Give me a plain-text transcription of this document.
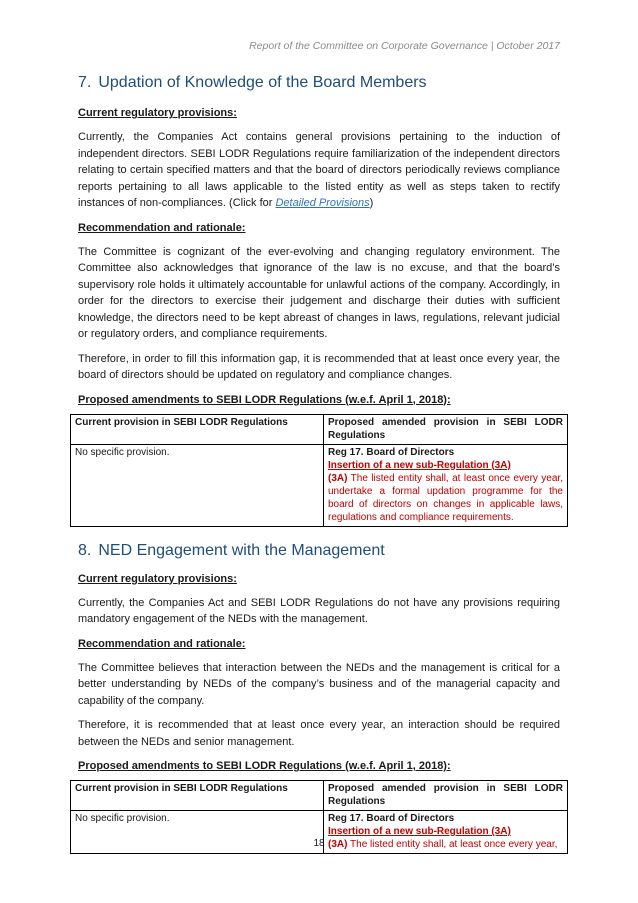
Report of the Committee on Corporate Governance | October 2017
7. Updation of Knowledge of the Board Members
Current regulatory provisions:

Currently, the Companies Act contains general provisions pertaining to the induction of independent directors. SEBI LODR Regulations require familiarization of the independent directors relating to certain specified matters and that the board of directors periodically reviews compliance reports pertaining to all laws applicable to the listed entity as well as steps taken to rectify instances of non-compliances. (Click for Detailed Provisions)

Recommendation and rationale:

The Committee is cognizant of the ever-evolving and changing regulatory environment. The Committee also acknowledges that ignorance of the law is no excuse, and that the board’s supervisory role holds it ultimately accountable for unlawful actions of the company. Accordingly, in order for the directors to exercise their judgement and discharge their duties with sufficient knowledge, the directors need to be kept abreast of changes in laws, regulations, relevant judicial or regulatory orders, and compliance requirements.

Therefore, in order to fill this information gap, it is recommended that at least once every year, the board of directors should be updated on regulatory and compliance changes.

Proposed amendments to SEBI LODR Regulations (w.e.f. April 1, 2018):
Current provision in SEBI LODR Regulations	Proposed amended provision in SEBI LODR Regulations
No specific provision.	Reg 17. Board of Directors
Insertion of a new sub-Regulation (3A)
(3A) The listed entity shall, at least once every year, undertake a formal updation programme for the board of directors on changes in applicable laws, regulations and compliance requirements.
8. NED Engagement with the Management
Current regulatory provisions:

Currently, the Companies Act and SEBI LODR Regulations do not have any provisions requiring mandatory engagement of the NEDs with the management.

Recommendation and rationale:

The Committee believes that interaction between the NEDs and the management is critical for a better understanding by NEDs of the company’s business and of the managerial capacity and capability of the company.

Therefore, it is recommended that at least once every year, an interaction should be required between the NEDs and senior management.

Proposed amendments to SEBI LODR Regulations (w.e.f. April 1, 2018):
Current provision in SEBI LODR Regulations	Proposed amended provision in SEBI LODR Regulations
No specific provision.	Reg 17. Board of Directors
Insertion of a new sub-Regulation (3A)
(3A) The listed entity shall, at least once every year,
18
